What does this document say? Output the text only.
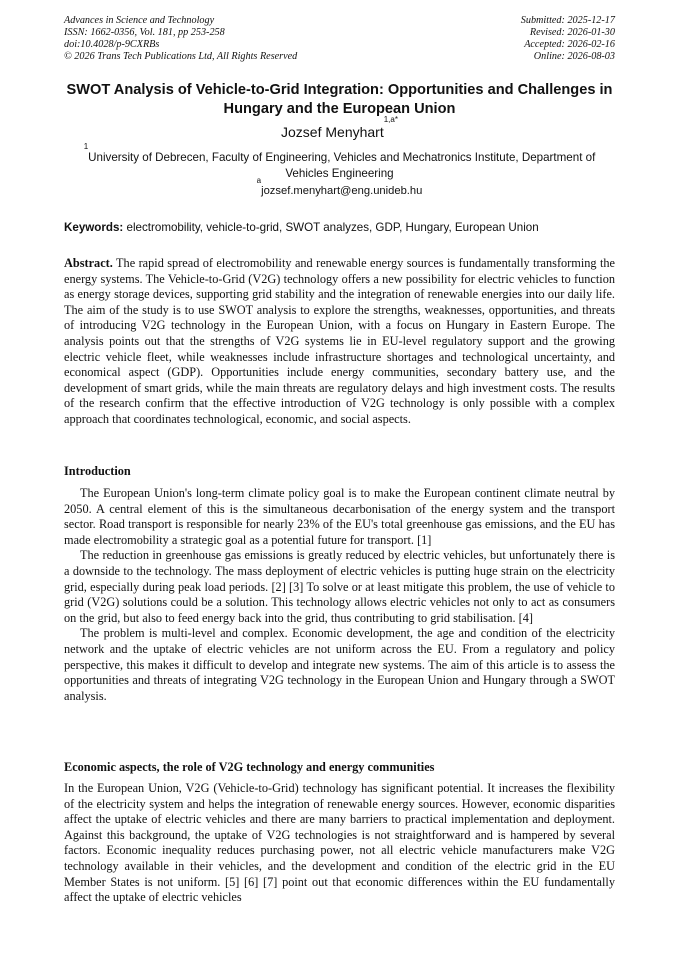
Advances in Science and Technology
ISSN: 1662-0356, Vol. 181, pp 253-258
doi:10.4028/p-9CXRBs
© 2026 Trans Tech Publications Ltd, All Rights Reserved
Submitted: 2025-12-17
Revised: 2026-01-30
Accepted: 2026-02-16
Online: 2026-08-03
SWOT Analysis of Vehicle-to-Grid Integration: Opportunities and Challenges in Hungary and the European Union
Jozsef Menyhart$^{1,a*}$
$^1$University of Debrecen, Faculty of Engineering, Vehicles and Mechatronics Institute, Department of Vehicles Engineering
$^a$jozsef.menyhart@eng.unideb.hu
Keywords: electromobility, vehicle-to-grid, SWOT analyzes, GDP, Hungary, European Union

Abstract. The rapid spread of electromobility and renewable energy sources is fundamentally transforming the energy systems. The Vehicle-to-Grid (V2G) technology offers a new possibility for electric vehicles to function as energy storage devices, supporting grid stability and the integration of renewable energies into our daily life. The aim of the study is to use SWOT analysis to explore the strengths, weaknesses, opportunities, and threats of introducing V2G technology in the European Union, with a focus on Hungary in Eastern Europe. The analysis points out that the strengths of V2G systems lie in EU-level regulatory support and the growing electric vehicle fleet, while weaknesses include infrastructure shortages and technological uncertainty, and economical aspect (GDP). Opportunities include energy communities, secondary battery use, and the development of smart grids, while the main threats are regulatory delays and high investment costs. The results of the research confirm that the effective introduction of V2G technology is only possible with a complex approach that coordinates technological, economic, and social aspects.

Introduction

The European Union's long-term climate policy goal is to make the European continent climate neutral by 2050. A central element of this is the simultaneous decarbonisation of the energy system and the transport sector. Road transport is responsible for nearly 23% of the EU's total greenhouse gas emissions, and the EU has made electromobility a strategic goal as a potential future for transport. [1]

The reduction in greenhouse gas emissions is greatly reduced by electric vehicles, but unfortunately there is a downside to the technology. The mass deployment of electric vehicles is putting huge strain on the electricity grid, especially during peak load periods. [2] [3] To solve or at least mitigate this problem, the use of vehicle to grid (V2G) solutions could be a solution. This technology allows electric vehicles not only to act as consumers on the grid, but also to feed energy back into the grid, thus contributing to grid stabilisation. [4]

The problem is multi-level and complex. Economic development, the age and condition of the electricity network and the uptake of electric vehicles are not uniform across the EU. From a regulatory and policy perspective, this makes it difficult to develop and integrate new systems. The aim of this article is to assess the opportunities and threats of integrating V2G technology in the European Union and Hungary through a SWOT analysis.

Economic aspects, the role of V2G technology and energy communities

In the European Union, V2G (Vehicle-to-Grid) technology has significant potential. It increases the flexibility of the electricity system and helps the integration of renewable energy sources. However, economic disparities affect the uptake of electric vehicles and there are many barriers to practical implementation and deployment. Against this background, the uptake of V2G technologies is not straightforward and is hampered by several factors. Economic inequality reduces purchasing power, not all electric vehicle manufacturers make V2G technology available in their vehicles, and the development and condition of the electric grid in the EU Member States is not uniform. [5] [6] [7] point out that economic differences within the EU fundamentally affect the uptake of electric vehicles
